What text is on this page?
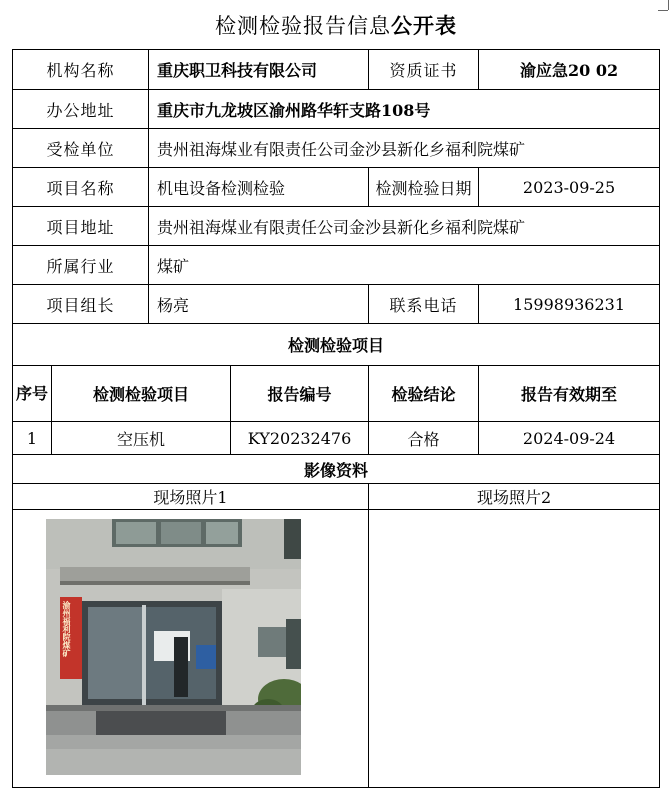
检测检验报告信息公开表
机构名称		重庆职卫科技有限公司		资质证书	渝应急20 02
办公地址		重庆市九龙坡区渝州路华轩支路108号			
受检单位		贵州祖海煤业有限责任公司金沙县新化乡福利院煤矿			
项目名称		机电设备检测检验		检测检验日期	2023-09-25
项目地址		贵州祖海煤业有限责任公司金沙县新化乡福利院煤矿			
所属行业		煤矿			
项目组长		杨亮		联系电话	15998936231
检测检验项目					
序号	检测检验项目		报告编号	检验结论	报告有效期至
1	空压机		KY20232476	合格	2024-09-24
影像资料					
现场照片1				现场照片2	

渝州福利院煤矿					
